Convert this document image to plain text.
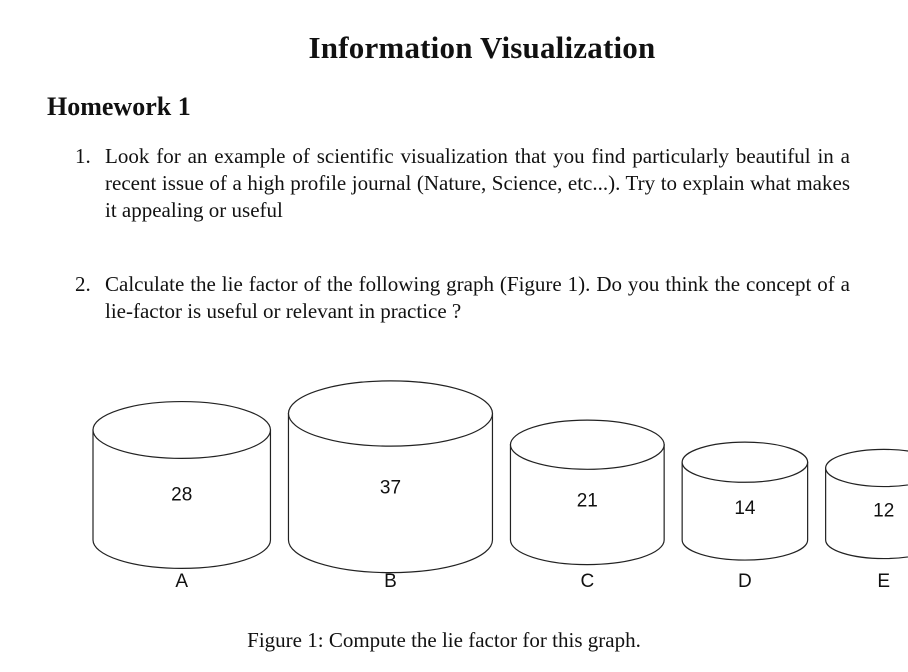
Information Visualization
Homework 1
1. Look for an example of scientific visualization that you find particularly beautiful in a recent issue of a high profile journal (Nature, Science, etc...). Try to explain what makes it appealing or useful
2. Calculate the lie factor of the following graph (Figure 1). Do you think the concept of a lie-factor is useful or relevant in practice ?
28
A
37
B
21
C
14
D
12
E
Figure 1: Compute the lie factor for this graph.
